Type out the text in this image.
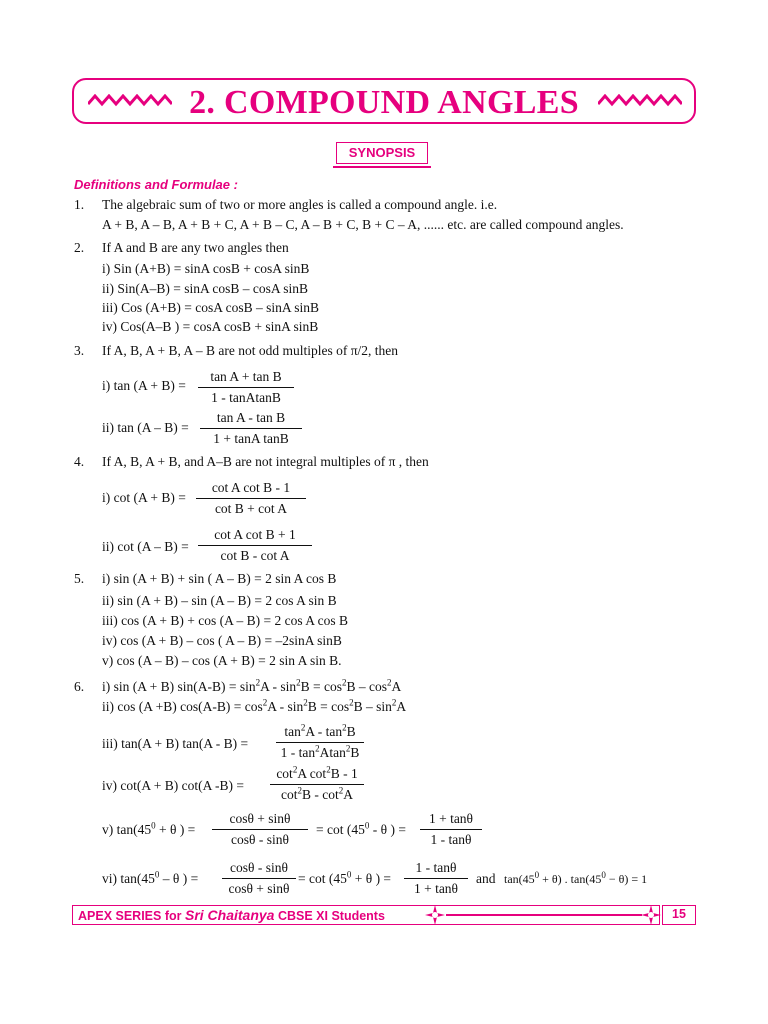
2. COMPOUND ANGLES
SYNOPSIS
Definitions and Formulae :
1. The algebraic sum of two or more angles is called a compound angle. i.e.
A + B, A – B, A + B + C, A + B – C, A – B + C, B + C – A, ...... etc. are called compound angles.
2. If A and B are any two angles then
i) Sin (A+B) = sinA cosB + cosA sinB
ii) Sin(A–B) = sinA cosB – cosA sinB
iii) Cos (A+B) = cosA cosB – sinA sinB
iv) Cos(A–B ) = cosA cosB + sinA sinB
3. If A, B, A + B, A – B are not odd multiples of π/2, then
i) $\tan (A + B) = \frac{\text{tan A + tan B}}{\text{1 - tanAtanB}}$
ii) $\tan (A - B) = \frac{\text{tan A - tan B}}{\text{1 + tanA tanB}}$
4. If A, B, A + B, and A–B are not integral multiples of π , then
i) $\cot (A + B) = \frac{\text{cot A cot B - 1}}{\text{cot B + cot A}}$
ii) $\cot (A - B) = \frac{\text{cot A cot B + 1}}{\text{cot B - cot A}}$
5. i) sin (A + B) + sin ( A – B) = 2 sin A cos B
ii) sin (A + B) – sin (A – B) = 2 cos A sin B
iii) cos (A + B) + cos (A – B) = 2 cos A cos B
iv) cos (A + B) – cos ( A – B) = –2sinA sinB
v) cos (A – B) – cos (A + B) = 2 sin A sin B.
6. i) sin (A + B) $\sin(A-B) = \sin^2A - \sin^2B = \cos^2B - \cos^2A$
ii) cos (A +B) $\cos(A-B) = \cos^2A - \sin^2B = \cos^2B - \sin^2A$
iii) tan(A + B) $\tan(A - B) = \frac{\tan^2A - \tan^2B}{1 - \tan^2Atan^2B}$
iv) cot(A + B) cot(A $-B) = \frac{\cot^2A \cot^2B - 1}{\cot^2B - \cot^2A}$
v) $\tan(45^0 + \theta$ ) = $\frac{\cos\theta + \sin\theta}{\cos\theta - \sin\theta} = \cot (45^0 - \theta$ ) = $\frac{1 + \tan\theta}{1 - \tan\theta}$
vi) $\tan(45^0$ – θ ) = $\frac{\cos\theta - \sin\theta}{\cos\theta + \sin\theta} = \cot (45^0 + \theta$ ) = $\frac{1 - \tan\theta}{1 + \tan\theta}$ and $\tan(45^0 + \theta)$ . $\tan(45^0 - \theta) = 1$
APEX SERIES for Sri Chaitanya CBSE XI Students	15
